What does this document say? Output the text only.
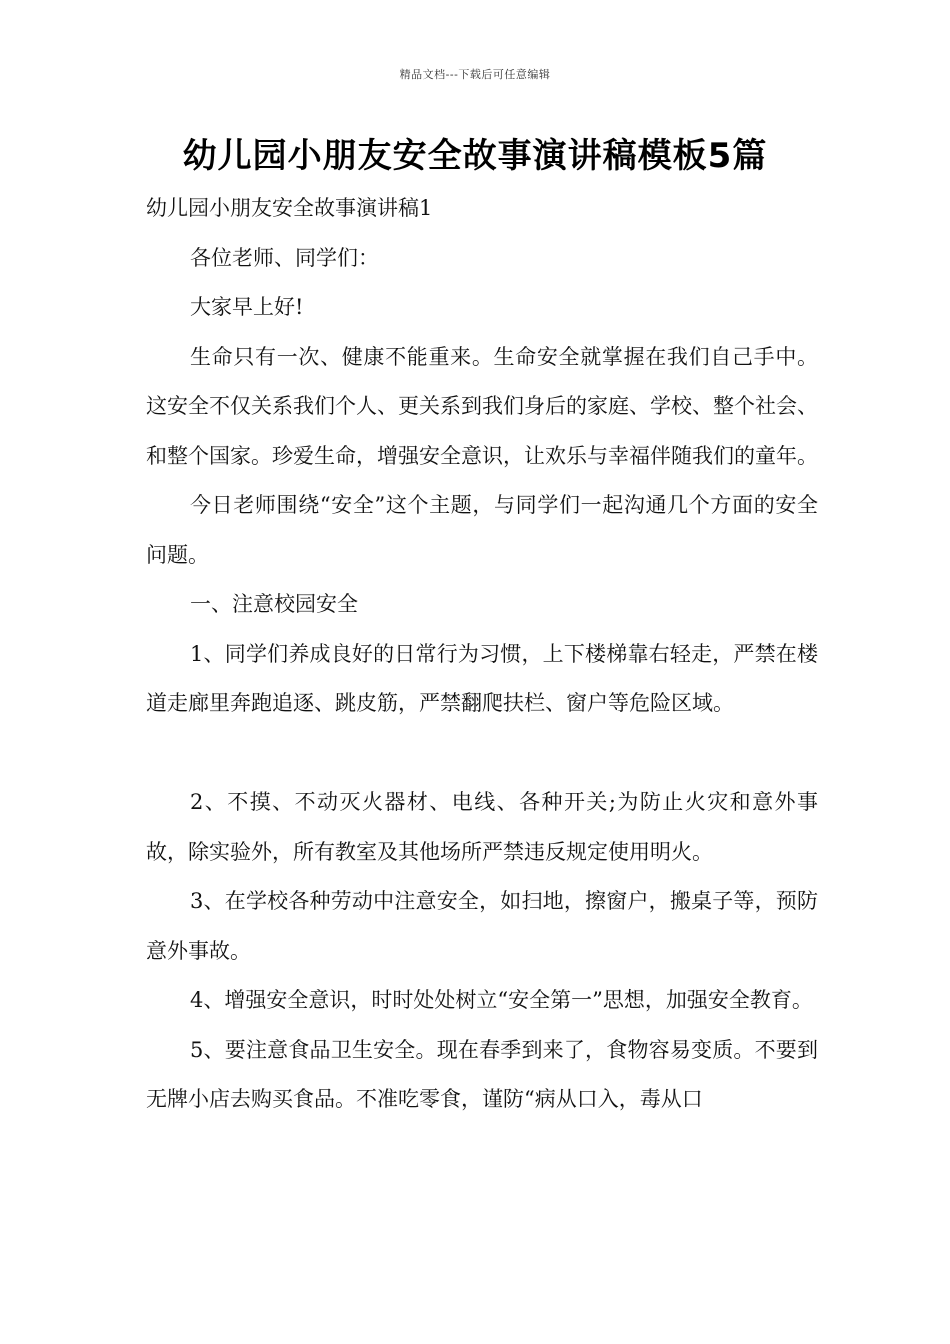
精品文档---下载后可任意编辑
幼儿园小朋友安全故事演讲稿模板5篇

幼儿园小朋友安全故事演讲稿1

各位老师、同学们：

大家早上好!

生命只有一次、健康不能重来。生命安全就掌握在我们自己手中。这安全不仅关系我们个人、更关系到我们身后的家庭、学校、整个社会、和整个国家。珍爱生命，增强安全意识，让欢乐与幸福伴随我们的童年。

今日老师围绕“安全”这个主题，与同学们一起沟通几个方面的安全问题。

一、注意校园安全

1、同学们养成良好的日常行为习惯，上下楼梯靠右轻走，严禁在楼道走廊里奔跑追逐、跳皮筋，严禁翻爬扶栏、窗户等危险区域。

2、不摸、不动灭火器材、电线、各种开关;为防止火灾和意外事故，除实验外，所有教室及其他场所严禁违反规定使用明火。

3、在学校各种劳动中注意安全，如扫地，擦窗户，搬桌子等，预防意外事故。

4、增强安全意识，时时处处树立“安全第一”思想，加强安全教育。

5、要注意食品卫生安全。现在春季到来了，食物容易变质。不要到无牌小店去购买食品。不准吃零食，谨防“病从口入，毒从口
